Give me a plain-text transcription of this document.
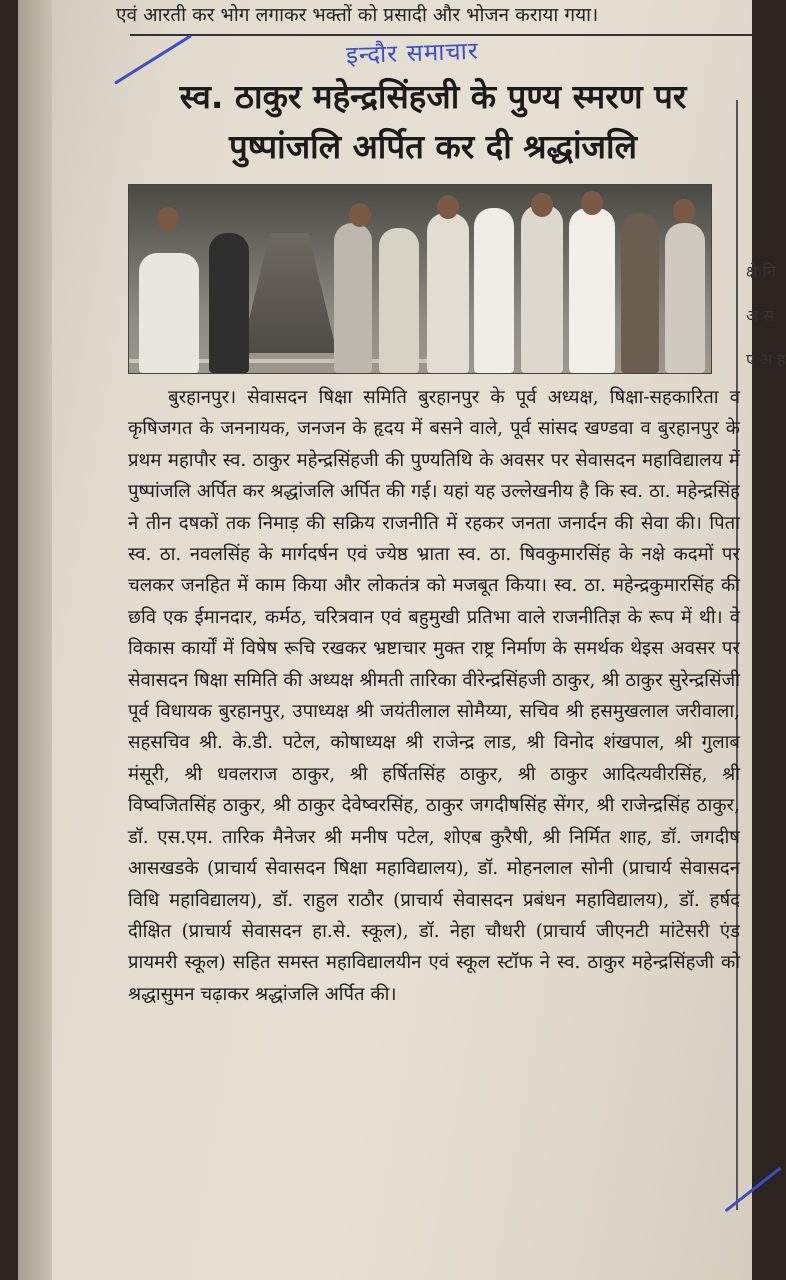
एवं आरती कर भोग लगाकर भक्तों को प्रसादी और भोजन कराया गया।
इन्दौर समाचार
स्व. ठाकुर महेन्द्रसिंहजी के पुण्य स्मरण पर पुष्पांजलि अर्पित कर दी श्रद्धांजलि
क्षे नि अ स ए अ ह

बुरहानपुर। सेवासदन षिक्षा समिति बुरहानपुर के पूर्व अध्यक्ष, षिक्षा-सहकारिता व कृषिजगत के जननायक, जनजन के हृदय में बसने वाले, पूर्व सांसद खण्डवा व बुरहानपुर के प्रथम महापौर स्व. ठाकुर महेन्द्रसिंहजी की पुण्यतिथि के अवसर पर सेवासदन महाविद्यालय में पुष्पांजलि अर्पित कर श्रद्धांजलि अर्पित की गई। यहां यह उल्लेखनीय है कि स्व. ठा. महेन्द्रसिंह ने तीन दषकों तक निमाड़ की सक्रिय राजनीति में रहकर जनता जनार्दन की सेवा की। पिता स्व. ठा. नवलसिंह के मार्गदर्षन एवं ज्येष्ठ भ्राता स्व. ठा. षिवकुमारसिंह के नक्षे कदमों पर चलकर जनहित में काम किया और लोकतंत्र को मजबूत किया। स्व. ठा. महेन्द्रकुमारसिंह की छवि एक ईमानदार, कर्मठ, चरित्रवान एवं बहुमुखी प्रतिभा वाले राजनीतिज्ञ के रूप में थी। वे विकास कार्यों में विषेष रूचि रखकर भ्रष्टाचार मुक्त राष्ट्र निर्माण के समर्थक थेइस अवसर पर सेवासदन षिक्षा समिति की अध्यक्ष श्रीमती तारिका वीरेन्द्रसिंहजी ठाकुर, श्री ठाकुर सुरेन्द्रसिंजी पूर्व विधायक बुरहानपुर, उपाध्यक्ष श्री जयंतीलाल सोमैय्या, सचिव श्री हसमुखलाल जरीवाला, सहसचिव श्री. के.डी. पटेल, कोषाध्यक्ष श्री राजेन्द्र लाड, श्री विनोद शंखपाल, श्री गुलाब मंसूरी, श्री धवलराज ठाकुर, श्री हर्षितसिंह ठाकुर, श्री ठाकुर आदित्यवीरसिंह, श्री विष्वजितसिंह ठाकुर, श्री ठाकुर देवेष्वरसिंह, ठाकुर जगदीषसिंह सेंगर, श्री राजेन्द्रसिंह ठाकुर, डॉ. एस.एम. तारिक मैनेजर श्री मनीष पटेल, शोएब कुरैषी, श्री निर्मित शाह, डॉ. जगदीष आसखडके (प्राचार्य सेवासदन षिक्षा महाविद्यालय), डॉ. मोहनलाल सोनी (प्राचार्य सेवासदन विधि महाविद्यालय), डॉ. राहुल राठौर (प्राचार्य सेवासदन प्रबंधन महाविद्यालय), डॉ. हर्षद दीक्षित (प्राचार्य सेवासदन हा.से. स्कूल), डॉ. नेहा चौधरी (प्राचार्य जीएनटी मांटेसरी एंड प्रायमरी स्कूल) सहित समस्त महाविद्यालयीन एवं स्कूल स्टॉफ ने स्व. ठाकुर महेन्द्रसिंहजी को श्रद्धासुमन चढ़ाकर श्रद्धांजलि अर्पित की।
